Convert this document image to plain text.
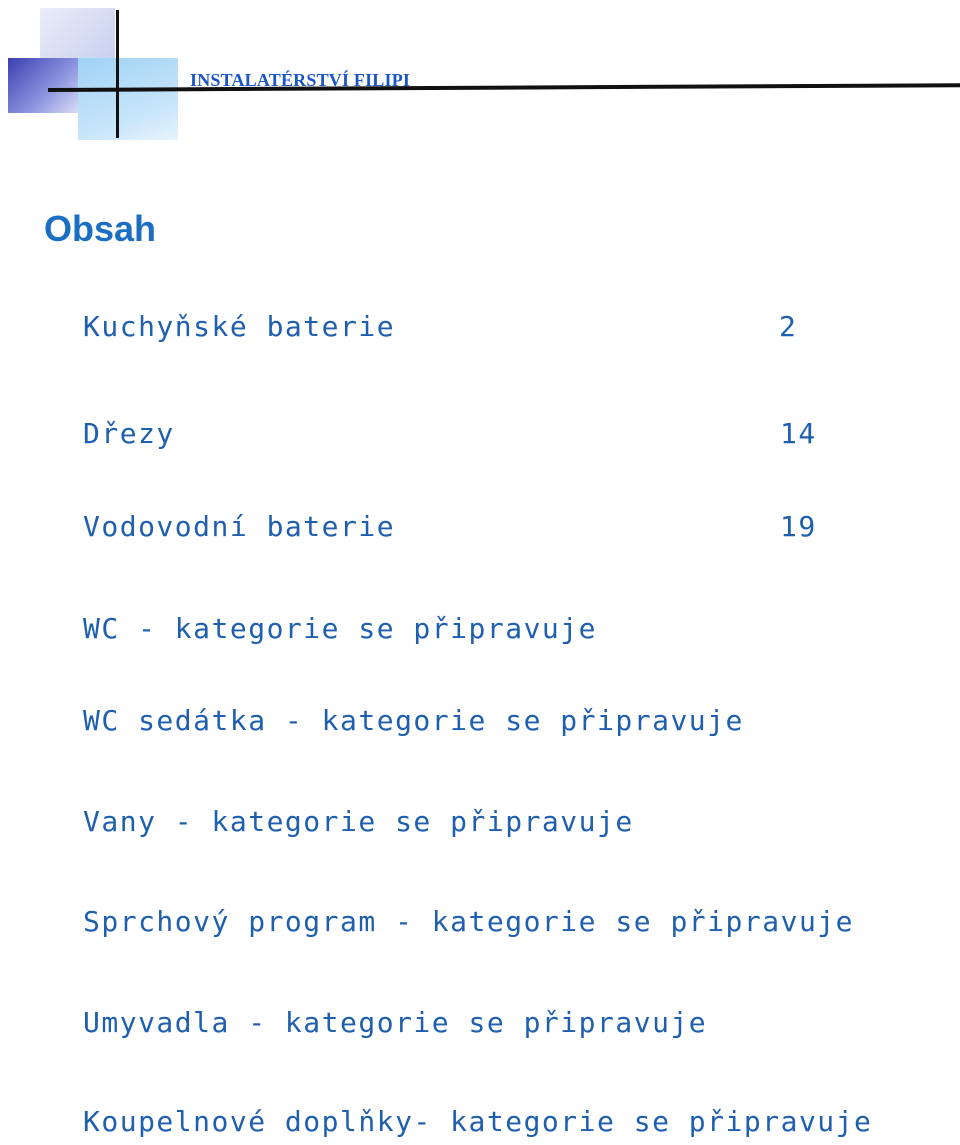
INSTALATÉRSTVÍ FILIPI
Obsah
Kuchyňské baterie	2
Dřezy	14
Vodovodní baterie	19
WC - kategorie se připravuje
WC sedátka - kategorie se připravuje
Vany - kategorie se připravuje
Sprchový program - kategorie se připravuje
Umyvadla - kategorie se připravuje
Koupelnové doplňky- kategorie se připravuje
